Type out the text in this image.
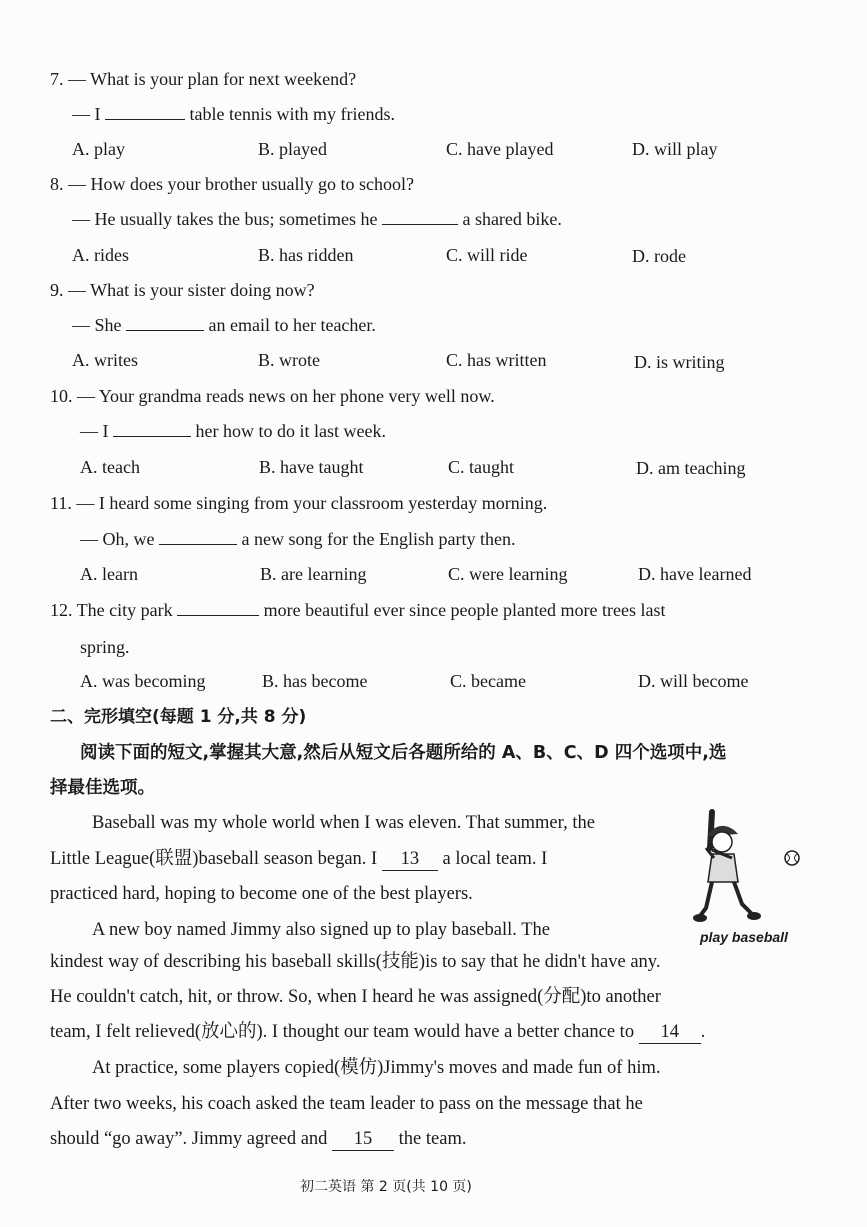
7. — What is your plan for next weekend?
— I	table tennis with my friends.
A. play	B. played	C. have played	D. will play
8. — How does your brother usually go to school?
— He usually takes the bus; sometimes he	a shared bike.
A. rides	B. has ridden	C. will ride	D. rode
9. — What is your sister doing now?
— She	an email to her teacher.
A. writes	B. wrote	C. has written	D. is writing
10. — Your grandma reads news on her phone very well now.
— I	her how to do it last week.
A. teach	B. have taught	C. taught	D. am teaching
11. — I heard some singing from your classroom yesterday morning.
— Oh, we	a new song for the English party then.
A. learn	B. are learning	C. were learning	D. have learned
12. The city park	more beautiful ever since people planted more trees last
spring.
A. was becoming	B. has become	C. became	D. will become
二、完形填空(每题 1 分,共 8 分)
阅读下面的短文,掌握其大意,然后从短文后各题所给的 A、B、C、D 四个选项中,选
择最佳选项。
Baseball was my whole world when I was eleven. That summer, the
Little League(联盟)baseball season began. I 13 a local team. I
practiced hard, hoping to become one of the best players.
A new boy named Jimmy also signed up to play baseball. The
kindest way of describing his baseball skills(技能)is to say that he didn't have any.
He couldn't catch, hit, or throw. So, when I heard he was assigned(分配)to another
team, I felt relieved(放心的). I thought our team would have a better chance to 14 .
At practice, some players copied(模仿)Jimmy's moves and made fun of him.
After two weeks, his coach asked the team leader to pass on the message that he
should “go away”. Jimmy agreed and 15 the team.
play baseball
初二英语 第 2 页(共 10 页)
